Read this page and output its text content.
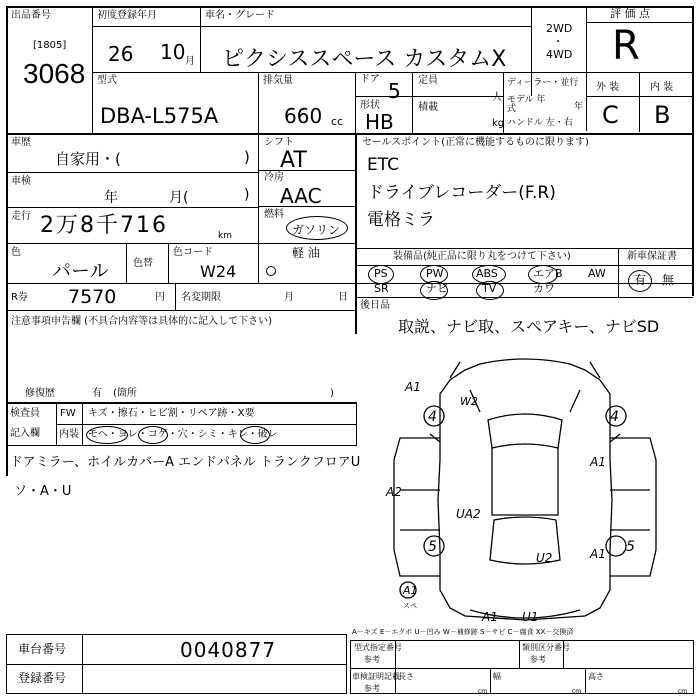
出品番号
[1805]
3068
初度登録年月
26 10 月
車名・グレード
ピクシススペース カスタムX
2WD
・
4WD
評 価 点
R
型式
DBA-L575A
排気量
660 cc
ドア 5
形状
HB
定員
人
積載
kg
ディーラー・並行
モデル 年式	年
ハンドル 左・右
外 装	内 装
C B
車歴
自家用・(	)
車検
年	月(	)
走行 2万8千716	km
色
パール 色替
色コード
W24
シフト
AT
冷房
AAC
燃料
ガソリン
軽 油
R券 7570	円 名変期限	月	日
注意事項申告欄 (不具合内容等は具体的に記入して下さい)
修復歴	有 (箇所	)
検査員
記入欄
FW キズ・擦石・ヒビ割・リペア跡・X要
内装 モヘ・ヨレ・コゲ・穴・シミ・キレ・破レ
ドアミラー、ホイルカバーA エンドパネル トランクフロアU
ソ・A・U
セールスポイント(正常に機能するものに限ります)
ETC
ドライブレコーダー(F.R)
電格ミラ
装備品(純正品に限り丸をつけて下さい)	新車保証書
PS	PW	ABS	エアB AW
SR	ナビ	TV	カワ
有 無
後日品
取説、ナビ取、スペアキー、ナビSD
A1
W2
4	4
A1
A2
UA2
5
U2	A1 5
A1 U1
A1
スペ
A－キズ E－エクボ U－凹み W－補修跡 S－サビ C－腐食 XX－交換済
車台番号	0040877
登録番号
型式指定番号
参考
類別区分番号
参考
車検証明記載
参考
長さ
cm
幅
cm
高さ
cm
